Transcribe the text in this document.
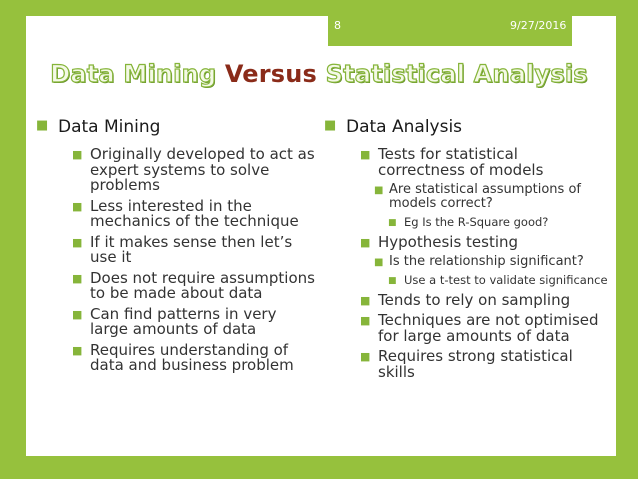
8	9/27/2016
Data Mining Versus Statistical Analysis
■ Data Mining
■ Originally developed to act as expert systems to solve problems
■ Less interested in the mechanics of the technique
■ If it makes sense then let’s use it
■ Does not require assumptions to be made about data
■ Can find patterns in very large amounts of data
■ Requires understanding of data and business problem
■ Data Analysis
■ Tests for statistical correctness of models
■ Are statistical assumptions of models correct?
■ Eg Is the R-Square good?
■ Hypothesis testing
■ Is the relationship significant?
■ Use a t-test to validate significance
■ Tends to rely on sampling
■ Techniques are not optimised for large amounts of data
■ Requires strong statistical skills
